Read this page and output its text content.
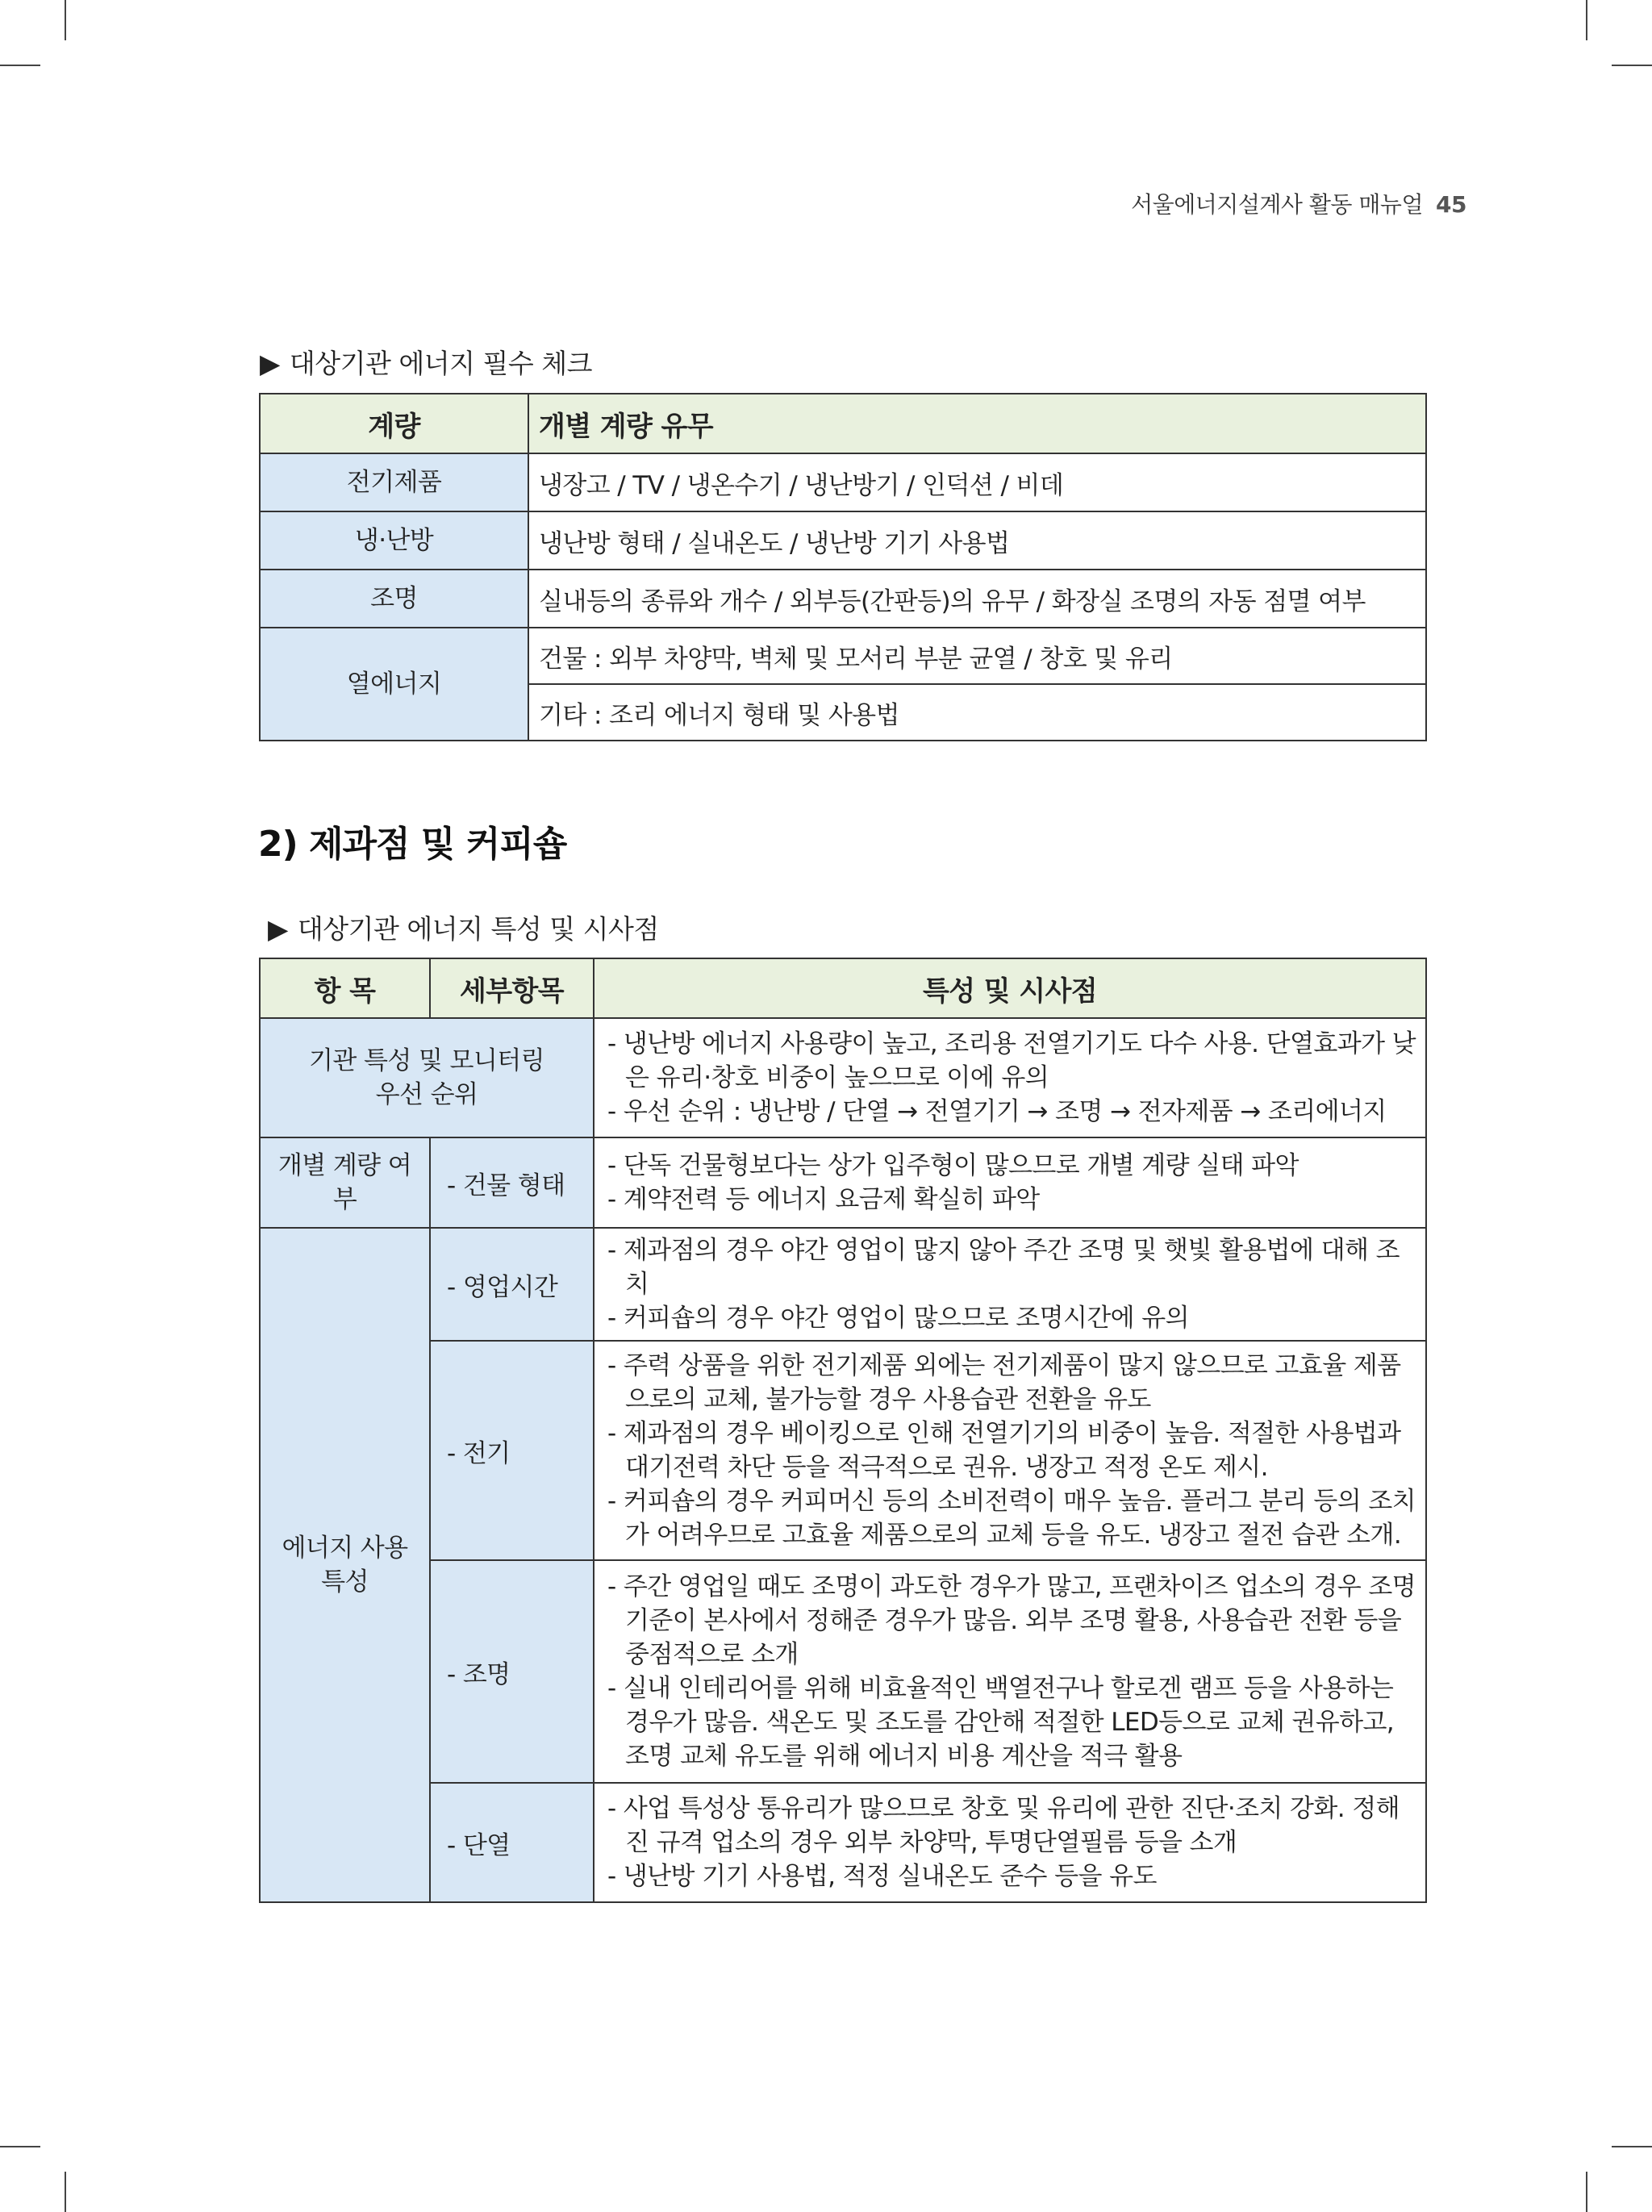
서울에너지설계사 활동 매뉴얼 45
▶ 대상기관 에너지 필수 체크
계량	개별 계량 유무
전기제품	냉장고 / TV / 냉온수기 / 냉난방기 / 인덕션 / 비데
냉·난방	냉난방 형태 / 실내온도 / 냉난방 기기 사용법
조명	실내등의 종류와 개수 / 외부등(간판등)의 유무 / 화장실 조명의 자동 점멸 여부
열에너지	건물 : 외부 차양막, 벽체 및 모서리 부분 균열 / 창호 및 유리
	기타 : 조리 에너지 형태 및 사용법
2) 제과점 및 커피숍
▶ 대상기관 에너지 특성 및 시사점
항 목	세부항목	특성 및 시사점
기관 특성 및 모니터링 우선 순위		- 냉난방 에너지 사용량이 높고, 조리용 전열기기도 다수 사용. 단열효과가 낮은 유리·창호 비중이 높으므로 이에 유의
- 우선 순위 : 냉난방 / 단열 → 전열기기 → 조명 → 전자제품 → 조리에너지

개별 계량 여부	- 건물 형태	- 단독 건물형보다는 상가 입주형이 많으므로 개별 계량 실태 파악
- 계약전력 등 에너지 요금제 확실히 파악

에너지 사용 특성	- 영업시간	- 제과점의 경우 야간 영업이 많지 않아 주간 조명 및 햇빛 활용법에 대해 조치
- 커피숍의 경우 야간 영업이 많으므로 조명시간에 유의

	- 전기	- 주력 상품을 위한 전기제품 외에는 전기제품이 많지 않으므로 고효율 제품으로의 교체, 불가능할 경우 사용습관 전환을 유도
- 제과점의 경우 베이킹으로 인해 전열기기의 비중이 높음. 적절한 사용법과 대기전력 차단 등을 적극적으로 권유. 냉장고 적정 온도 제시.
- 커피숍의 경우 커피머신 등의 소비전력이 매우 높음. 플러그 분리 등의 조치가 어려우므로 고효율 제품으로의 교체 등을 유도. 냉장고 절전 습관 소개.

	- 조명	- 주간 영업일 때도 조명이 과도한 경우가 많고, 프랜차이즈 업소의 경우 조명기준이 본사에서 정해준 경우가 많음. 외부 조명 활용, 사용습관 전환 등을 중점적으로 소개
- 실내 인테리어를 위해 비효율적인 백열전구나 할로겐 램프 등을 사용하는 경우가 많음. 색온도 및 조도를 감안해 적절한 LED등으로 교체 권유하고, 조명 교체 유도를 위해 에너지 비용 계산을 적극 활용

	- 단열	- 사업 특성상 통유리가 많으므로 창호 및 유리에 관한 진단·조치 강화. 정해진 규격 업소의 경우 외부 차양막, 투명단열필름 등을 소개
- 냉난방 기기 사용법, 적정 실내온도 준수 등을 유도
